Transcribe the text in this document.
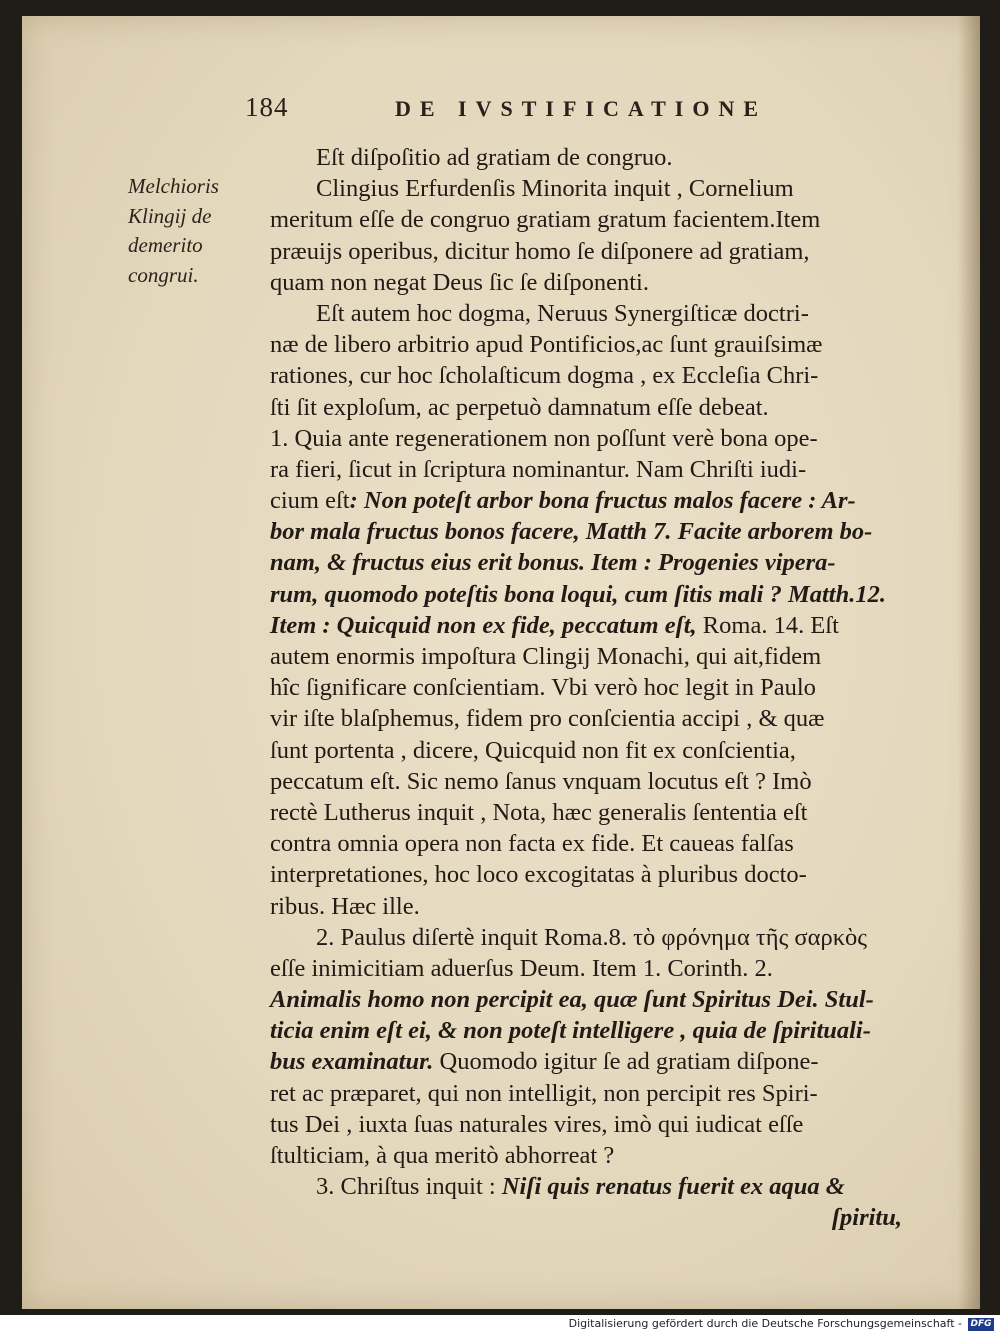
184	DE IVSTIFICATIONE
Melchioris
Klingij de
demerito
congrui.
Eſt diſpoſitio ad gratiam de congruo.
Clingius Erfurdenſis Minorita inquit , Cornelium
meritum eſſe de congruo gratiam gratum facientem.Item
præuijs operibus, dicitur homo ſe diſponere ad gratiam,
quam non negat Deus ſic ſe diſponenti.
Eſt autem hoc dogma, Neruus Synergiſticæ doctri-
næ de libero arbitrio apud Pontificios,ac ſunt grauiſsimæ
rationes, cur hoc ſcholaſticum dogma , ex Eccleſia Chri-
ſti ſit exploſum, ac perpetuò damnatum eſſe debeat.
1. Quia ante regenerationem non poſſunt verè bona ope-
ra fieri, ſicut in ſcriptura nominantur. Nam Chriſti iudi-
cium eſt: Non poteſt arbor bona fructus malos facere : Ar-
bor mala fructus bonos facere, Matth 7. Facite arborem bo-
nam, & fructus eius erit bonus. Item : Progenies vipera-
rum, quomodo poteſtis bona loqui, cum ſitis mali ? Matth.12.
Item : Quicquid non ex fide, peccatum eſt, Roma. 14. Eſt
autem enormis impoſtura Clingij Monachi, qui ait,fidem
hîc ſignificare conſcientiam. Vbi verò hoc legit in Paulo
vir iſte blaſphemus, fidem pro conſcientia accipi , & quæ
ſunt portenta , dicere, Quicquid non fit ex conſcientia,
peccatum eſt. Sic nemo ſanus vnquam locutus eſt ? Imò
rectè Lutherus inquit , Nota, hæc generalis ſententia eſt
contra omnia opera non facta ex fide. Et caueas falſas
interpretationes, hoc loco excogitatas à pluribus docto-
ribus. Hæc ille.
2. Paulus diſertè inquit Roma.8. τὸ φρόνημα τῆς σαρκὸς
eſſe inimicitiam aduerſus Deum. Item 1. Corinth. 2.
Animalis homo non percipit ea, quæ ſunt Spiritus Dei. Stul-
ticia enim eſt ei, & non poteſt intelligere , quia de ſpirituali-
bus examinatur. Quomodo igitur ſe ad gratiam diſpone-
ret ac præparet, qui non intelligit, non percipit res Spiri-
tus Dei , iuxta ſuas naturales vires, imò qui iudicat eſſe
ſtulticiam, à qua meritò abhorreat ?
3. Chriſtus inquit : Niſi quis renatus fuerit ex aqua &
ſpiritu,
Digitalisierung gefördert durch die Deutsche Forschungsgemeinschaft - DFG
